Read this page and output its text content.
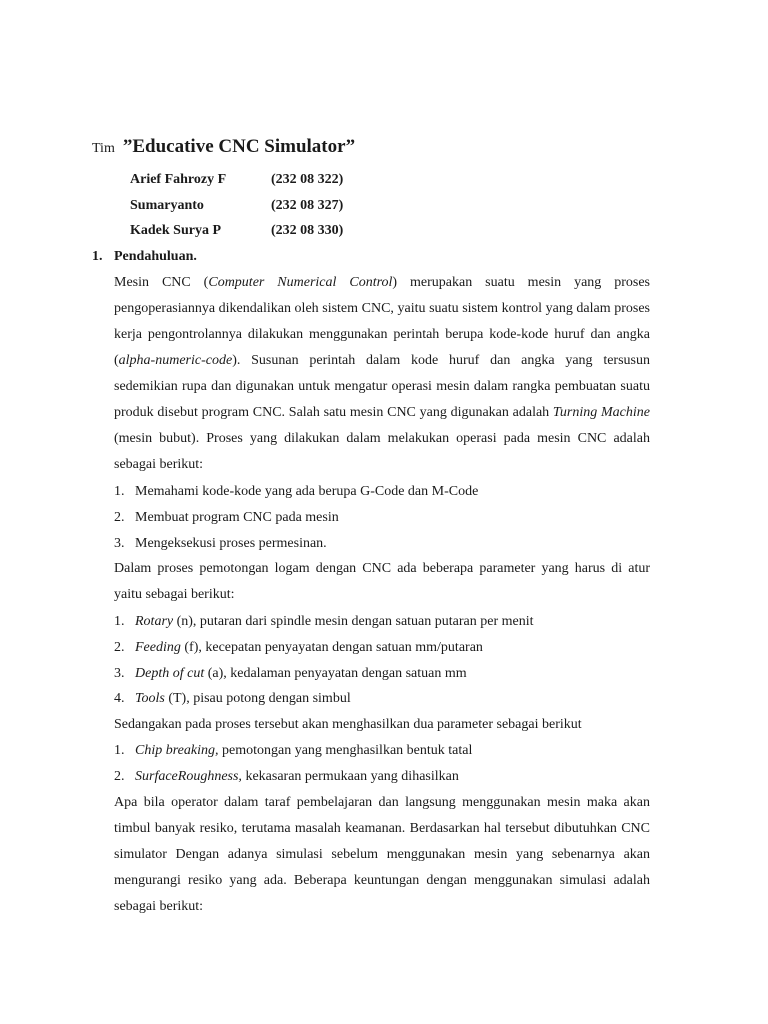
Tim ”Educative CNC Simulator”
Arief Fahrozy F	(232 08 322)
Sumaryanto	(232 08 327)
Kadek Surya P	(232 08 330)
1. Pendahuluan.

Mesin CNC (Computer Numerical Control) merupakan suatu mesin yang proses pengoperasiannya dikendalikan oleh sistem CNC, yaitu suatu sistem kontrol yang dalam proses kerja pengontrolannya dilakukan menggunakan perintah berupa kode-kode huruf dan angka (alpha-numeric-code). Susunan perintah dalam kode huruf dan angka yang tersusun sedemikian rupa dan digunakan untuk mengatur operasi mesin dalam rangka pembuatan suatu produk disebut program CNC. Salah satu mesin CNC yang digunakan adalah Turning Machine (mesin bubut). Proses yang dilakukan dalam melakukan operasi pada mesin CNC adalah sebagai berikut:

1. Memahami kode-kode yang ada berupa G-Code dan M-Code
2. Membuat program CNC pada mesin
3. Mengeksekusi proses permesinan.

Dalam proses pemotongan logam dengan CNC ada beberapa parameter yang harus di atur yaitu sebagai berikut:

1. Rotary (n), putaran dari spindle mesin dengan satuan putaran per menit
2. Feeding (f), kecepatan penyayatan dengan satuan mm/putaran
3. Depth of cut (a), kedalaman penyayatan dengan satuan mm
4. Tools (T), pisau potong dengan simbul
Sedangakan pada proses tersebut akan menghasilkan dua parameter sebagai berikut
1. Chip breaking, pemotongan yang menghasilkan bentuk tatal
2. SurfaceRoughness, kekasaran permukaan yang dihasilkan

Apa bila operator dalam taraf pembelajaran dan langsung menggunakan mesin maka akan timbul banyak resiko, terutama masalah keamanan. Berdasarkan hal tersebut dibutuhkan CNC simulator Dengan adanya simulasi sebelum menggunakan mesin yang sebenarnya akan mengurangi resiko yang ada. Beberapa keuntungan dengan menggunakan simulasi adalah sebagai berikut:
